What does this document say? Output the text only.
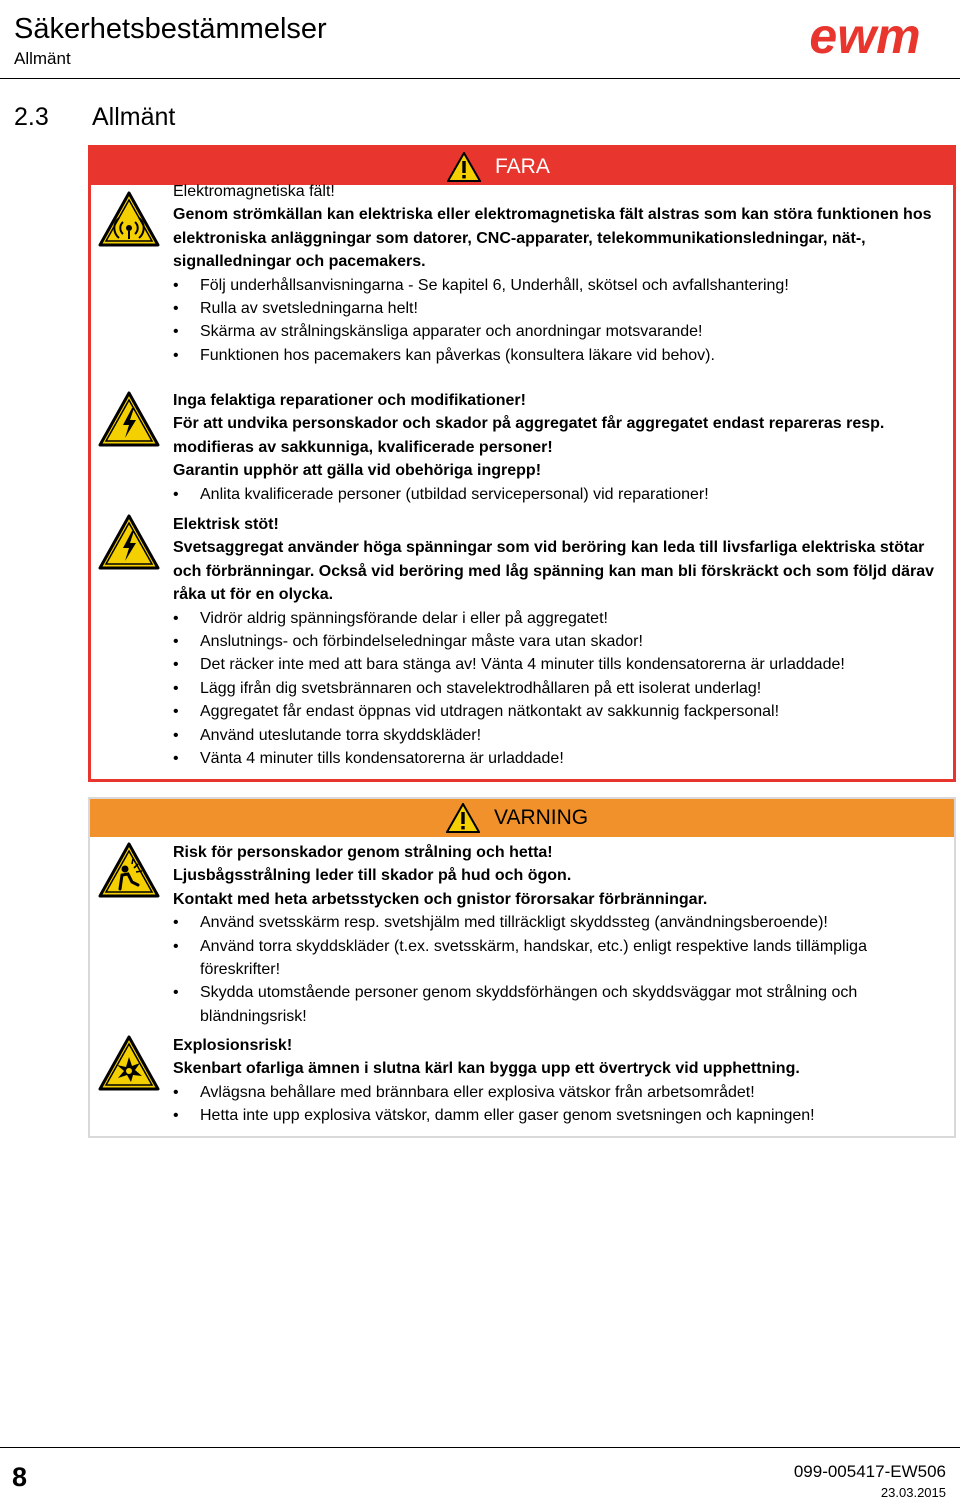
Säkerhetsbestämmelser
Allmänt	ewm
2.3 Allmänt
FARA

Elektromagnetiska fält!

Genom strömkällan kan elektriska eller elektromagnetiska fält alstras som kan störa funktionen hos elektroniska anläggningar som datorer, CNC-apparater, telekommunikationsledningar, nät-, signalledningar och pacemakers.

• Följ underhållsanvisningarna - Se kapitel 6, Underhåll, skötsel och avfallshantering!
• Rulla av svetsledningarna helt!
• Skärma av strålningskänsliga apparater och anordningar motsvarande!
• Funktionen hos pacemakers kan påverkas (konsultera läkare vid behov).

Inga felaktiga reparationer och modifikationer!

För att undvika personskador och skador på aggregatet får aggregatet endast repareras resp. modifieras av sakkunniga, kvalificerade personer!

Garantin upphör att gälla vid obehöriga ingrepp!

• Anlita kvalificerade personer (utbildad servicepersonal) vid reparationer!

Elektrisk stöt!

Svetsaggregat använder höga spänningar som vid beröring kan leda till livsfarliga elektriska stötar och förbränningar. Också vid beröring med låg spänning kan man bli förskräckt och som följd därav råka ut för en olycka.

• Vidrör aldrig spänningsförande delar i eller på aggregatet!
• Anslutnings- och förbindelseledningar måste vara utan skador!
• Det räcker inte med att bara stänga av! Vänta 4 minuter tills kondensatorerna är urladdade!
• Lägg ifrån dig svetsbrännaren och stavelektrodhållaren på ett isolerat underlag!
• Aggregatet får endast öppnas vid utdragen nätkontakt av sakkunnig fackpersonal!
• Använd uteslutande torra skyddskläder!
• Vänta 4 minuter tills kondensatorerna är urladdade!
VARNING

Risk för personskador genom strålning och hetta!

Ljusbågsstrålning leder till skador på hud och ögon.

Kontakt med heta arbetsstycken och gnistor förorsakar förbränningar.

• Använd svetsskärm resp. svetshjälm med tillräckligt skyddssteg (användningsberoende)!
• Använd torra skyddskläder (t.ex. svetsskärm, handskar, etc.) enligt respektive lands tillämpliga föreskrifter!
• Skydda utomstående personer genom skyddsförhängen och skyddsväggar mot strålning och bländningsrisk!

Explosionsrisk!

Skenbart ofarliga ämnen i slutna kärl kan bygga upp ett övertryck vid upphettning.

• Avlägsna behållare med brännbara eller explosiva vätskor från arbetsområdet!
• Hetta inte upp explosiva vätskor, damm eller gaser genom svetsningen och kapningen!
8	099-005417-EW506
23.03.2015
